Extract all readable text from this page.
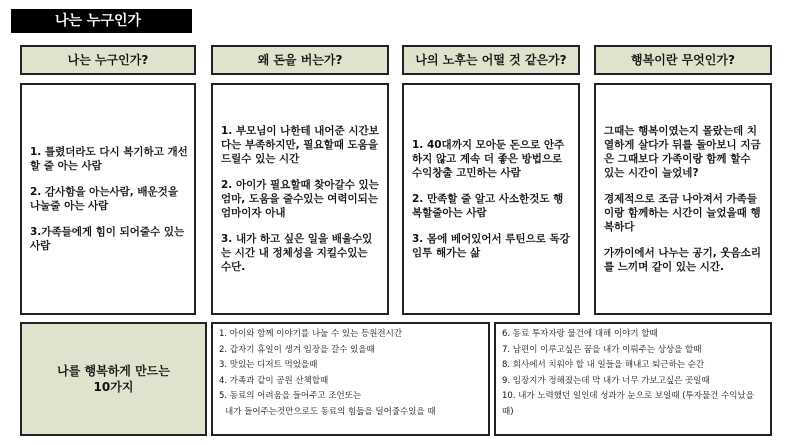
나는 누구인가
나는 누구인가?	왜 돈을 버는가?	나의 노후는 어떨 것 같은가?	행복이란 무엇인가?

1. 틀렸더라도 다시 복기하고 개선할 줄 아는 사람

2. 감사함을 아는사람, 배운것을 나눌줄 아는 사람

3.가족들에게 힘이 되어줄수 있는 사람

1. 부모님이 나한테 내어준 시간보다는 부족하지만, 필요할때 도움을 드릴수 있는 시간

2. 아이가 필요할때 찾아갈수 있는 엄마, 도움을 줄수있는 여력이되는 엄마이자 아내

3. 내가 하고 싶은 일을 배울수있는 시간 내 정체성을 지킬수있는 수단.

1. 40대까지 모아둔 돈으로 안주하지 않고 계속 더 좋은 방법으로 수익창출 고민하는 사람

2. 만족할 줄 알고 사소한것도 행복할줄아는 사람

3. 몸에 베어있어서 루틴으로 독강임투 해가는 삶

그때는 행복이였는지 몰랐는데 치열하게 살다가 뒤를 돌아보니 지금은 그때보다 가족이랑 함께 할수 있는 시간이 늘었네?

경제적으로 조금 나아져서 가족들이랑 함께하는 시간이 늘었을때 행복하다

가까이에서 나누는 공기, 웃음소리를 느끼며 같이 있는 시간.

나를 행복하게 만드는
10가지
1. 아이와 함께 이야기를 나눌 수 있는 등원전시간
2. 갑자기 휴일이 생겨 임장을 갈수 있을때
3. 맛있는 디저트 먹었을때
4. 가족과 같이 공원 산책할때
5. 동료의 어려움을 들어주고 조언또는
내가 들어주는것만으로도 동료의 힘듦을 덜어줄수있을 때
6. 동료 투자자랑 물건에 대해 이야기 할때
7. 남편이 이루고싶은 꿈을 내가 이뤄주는 상상을 할때
8. 회사에서 치워야 할 내 일들을 해내고 퇴근하는 순간
9. 임장지가 정해졌는데 막 내가 너무 가보고싶은 곳일때
10. 내가 노력했던 일인데 성과가 눈으로 보일때 (투자물건 수익났을때)
